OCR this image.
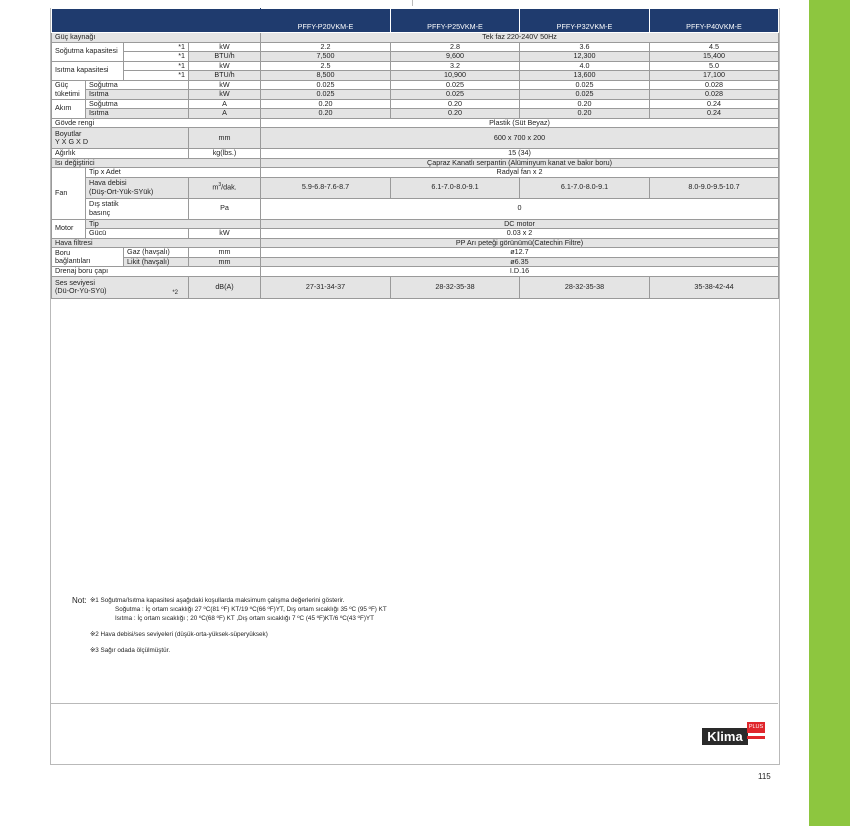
				PFFY-P20VKM-E	PFFY-P25VKM-E	PFFY-P32VKM-E	PFFY-P40VKM-E
Güç kaynağı				Tek faz 220-240V 50Hz			
Soğutma kapasitesi		*1	kW	2.2	2.8	3.6	4.5
		*1	BTU/h	7,500	9,600	12,300	15,400
Isıtma kapasitesi		*1	kW	2.5	3.2	4.0	5.0
		*1	BTU/h	8,500	10,900	13,600	17,100
Güç
tüketimi	Soğutma		kW	0.025	0.025	0.025	0.028
	Isıtma		kW	0.025	0.025	0.025	0.028
Akım	Soğutma		A	0.20	0.20	0.20	0.24
	Isıtma		A	0.20	0.20	0.20	0.24
Gövde rengi				Plastik (Süt Beyaz)			
Boyutlar
Y X G X D			mm	600 x 700 x 200			
Ağırlık			kg(lbs.)	15 (34)			
Isı değiştirici				Çapraz Kanatlı serpantin (Alüminyum kanat ve bakır boru)			
Fan	Tip x Adet			Radyal fan x 2			
	Hava debisi
(Düş-Ort-Yük-SYük)		$m^3$/dak.	5.9-6.8-7.6-8.7	6.1-7.0-8.0-9.1	6.1-7.0-8.0-9.1	8.0-9.0-9.5-10.7
	Dış statik
basınç		Pa	0			
Motor	Tip			DC motor			
	Gücü		kW	0.03 x 2			
Hava filtresi				PP Arı peteği görünümü(Catechin Filtre)			
Boru
bağlantıları		Gaz (havşalı)	mm	ø12.7			
		Likit (havşalı)	mm	ø6.35			
Drenaj boru çapı				I.D.16			
Ses seviyesi
(Dü-Or-Yü-SYü) *2			dB(A)	27-31-34-37	28-32-35-38	28-32-35-38	35-38-42-44
Not: ※1 Soğutma/Isıtma kapasitesi aşağıdaki koşullarda maksimum çalışma değerlerini gösterir.
Soğutma : İç ortam sıcaklığı 27 ºC(81 ºF) KT/19 ºC(66 ºF)YT, Dış ortam sıcaklığı 35 ºC (95 ºF) KT
Isıtma : İç ortam sıcaklığı ; 20 ºC(68 ºF) KT ,Dış ortam sıcaklığı 7 ºC (45 ºF)KT/6 ºC(43 ºF)YT
※2 Hava debisi/ses seviyeleri (düşük-orta-yüksek-süperyüksek)
※3 Sağır odada ölçülmüştür.
Klima
PLUS
115
